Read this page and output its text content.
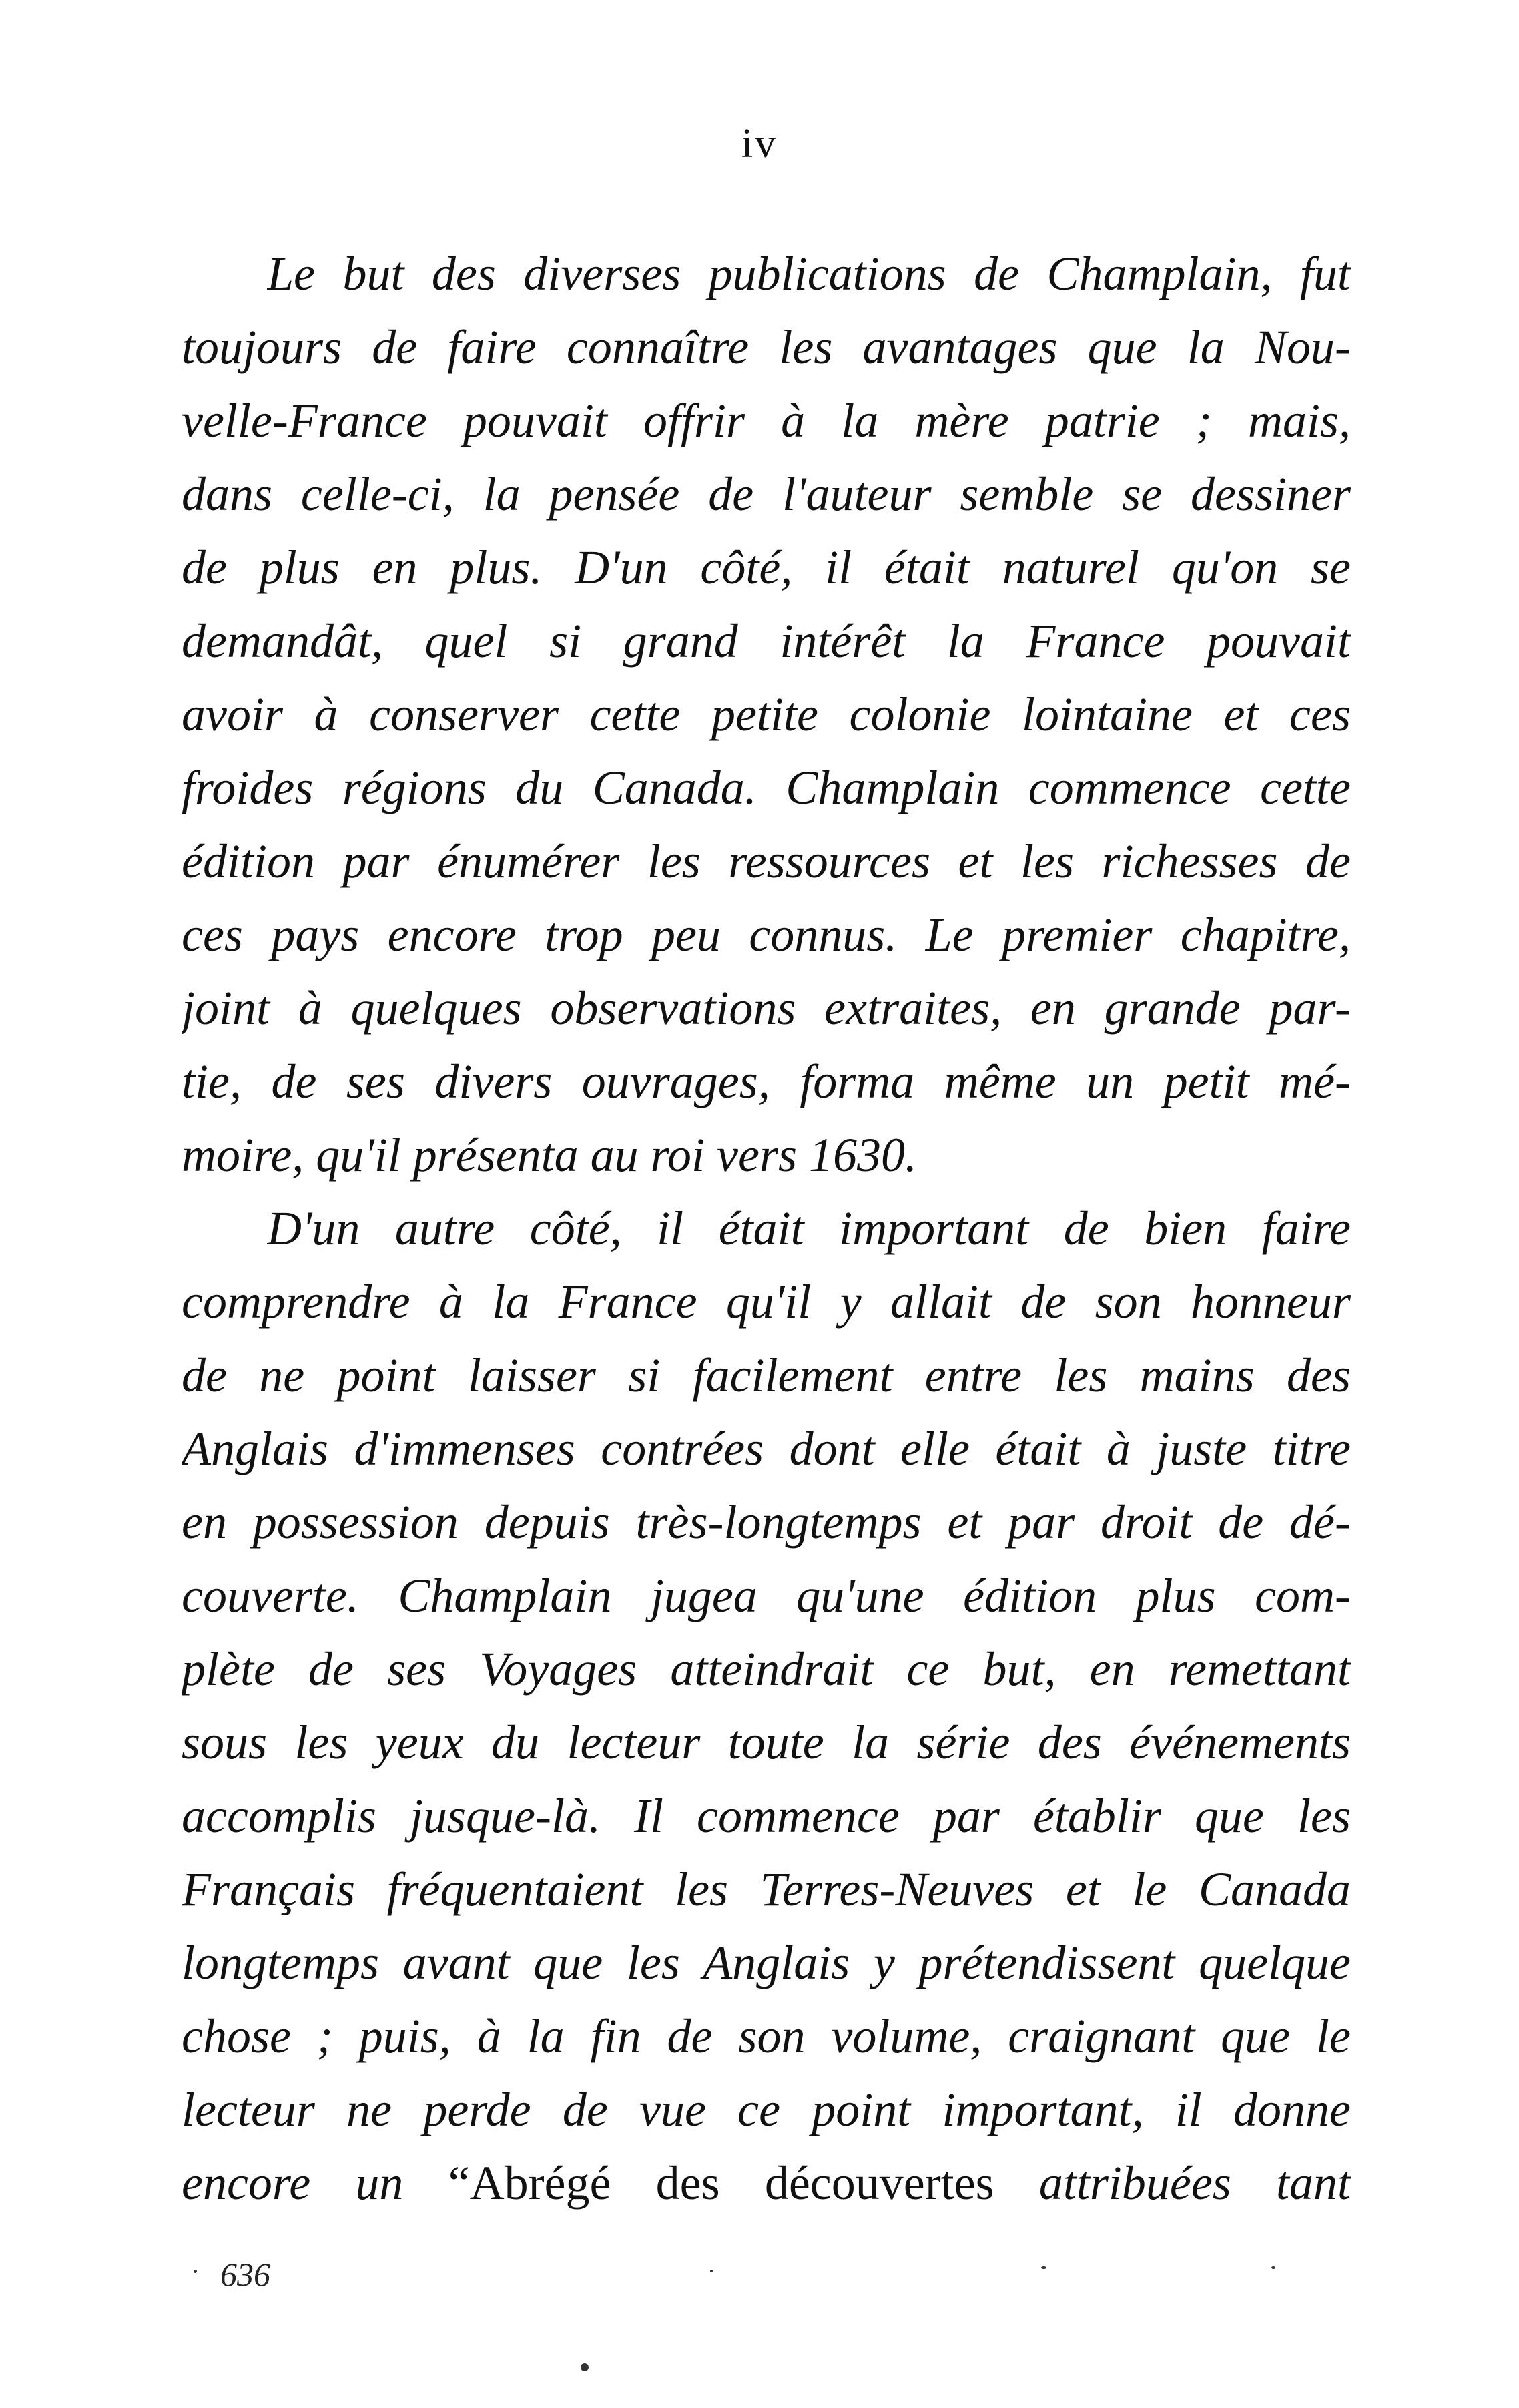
iv
Le but des diverses publications de Champlain, fut
toujours de faire connaître les avantages que la Nou-
velle-France pouvait offrir à la mère patrie ; mais,
dans celle-ci, la pensée de l'auteur semble se dessiner
de plus en plus. D'un côté, il était naturel qu'on se
demandât, quel si grand intérêt la France pouvait
avoir à conserver cette petite colonie lointaine et ces
froides régions du Canada. Champlain commence cette
édition par énumérer les ressources et les richesses de
ces pays encore trop peu connus. Le premier chapitre,
joint à quelques observations extraites, en grande par-
tie, de ses divers ouvrages, forma même un petit mé-
moire, qu'il présenta au roi vers 1630.
D'un autre côté, il était important de bien faire
comprendre à la France qu'il y allait de son honneur
de ne point laisser si facilement entre les mains des
Anglais d'immenses contrées dont elle était à juste titre
en possession depuis très-longtemps et par droit de dé-
couverte. Champlain jugea qu'une édition plus com-
plète de ses Voyages atteindrait ce but, en remettant
sous les yeux du lecteur toute la série des événements
accomplis jusque-là. Il commence par établir que les
Français fréquentaient les Terres-Neuves et le Canada
longtemps avant que les Anglais y prétendissent quelque
chose ; puis, à la fin de son volume, craignant que le
lecteur ne perde de vue ce point important, il donne
encore un “Abrégé des découvertes attribuées tant
636
